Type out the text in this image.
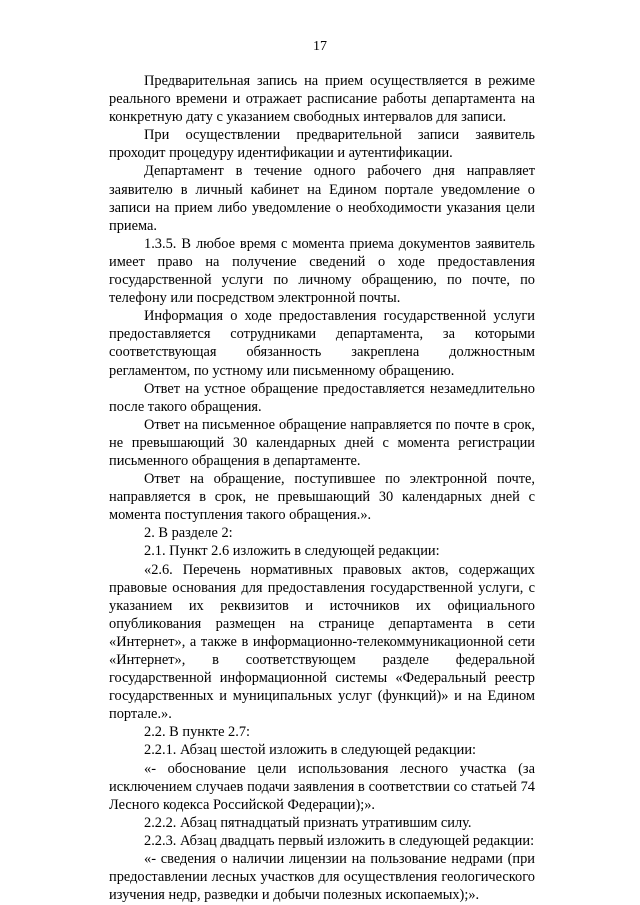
17

Предварительная запись на прием осуществляется в режиме реального времени и отражает расписание работы департамента на конкретную дату с указанием свободных интервалов для записи.

При осуществлении предварительной записи заявитель проходит процедуру идентификации и аутентификации.

Департамент в течение одного рабочего дня направляет заявителю в личный кабинет на Едином портале уведомление о записи на прием либо уведомление о необходимости указания цели приема.

1.3.5. В любое время с момента приема документов заявитель имеет право на получение сведений о ходе предоставления государственной услуги по личному обращению, по почте, по телефону или посредством электронной почты.

Информация о ходе предоставления государственной услуги предоставляется сотрудниками департамента, за которыми соответствующая обязанность закреплена должностным регламентом, по устному или письменному обращению.

Ответ на устное обращение предоставляется незамедлительно после такого обращения.

Ответ на письменное обращение направляется по почте в срок, не превышающий 30 календарных дней с момента регистрации письменного обращения в департаменте.

Ответ на обращение, поступившее по электронной почте, направляется в срок, не превышающий 30 календарных дней с момента поступления такого обращения.».

2. В разделе 2:

2.1. Пункт 2.6 изложить в следующей редакции:

«2.6. Перечень нормативных правовых актов, содержащих правовые основания для предоставления государственной услуги, с указанием их реквизитов и источников их официального опубликования размещен на странице департамента в сети «Интернет», а также в информационно-телекоммуникационной сети «Интернет», в соответствующем разделе федеральной государственной информационной системы «Федеральный реестр государственных и муниципальных услуг (функций)» и на Едином портале.».

2.2. В пункте 2.7:

2.2.1. Абзац шестой изложить в следующей редакции:

«- обоснование цели использования лесного участка (за исключением случаев подачи заявления в соответствии со статьей 74 Лесного кодекса Российской Федерации);».

2.2.2. Абзац пятнадцатый признать утратившим силу.

2.2.3. Абзац двадцать первый изложить в следующей редакции:

«- сведения о наличии лицензии на пользование недрами (при предоставлении лесных участков для осуществления геологического изучения недр, разведки и добычи полезных ископаемых);».
